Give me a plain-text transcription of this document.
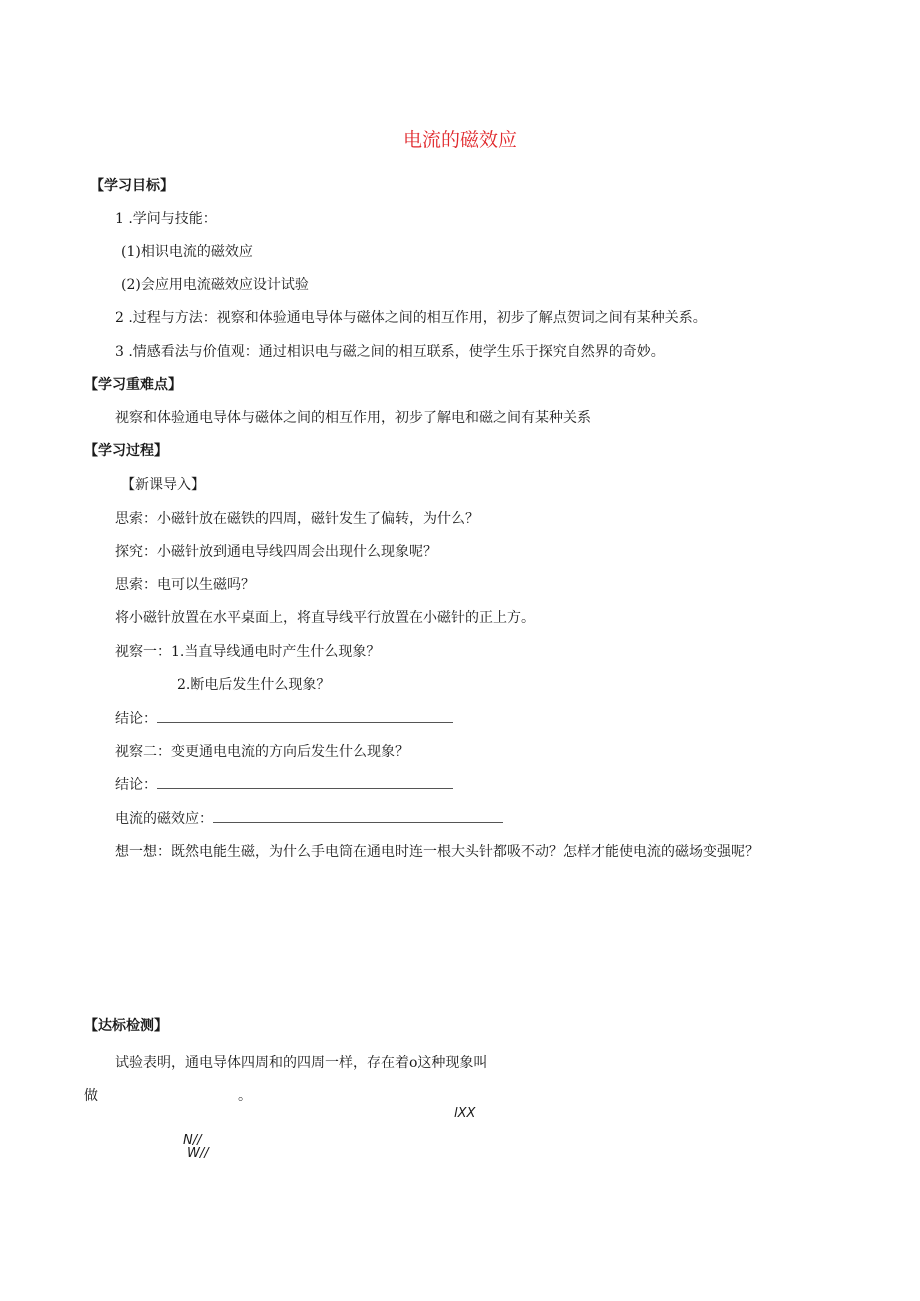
电流的磁效应
【学习目标】
1 .学问与技能：
(1)相识电流的磁效应
(2)会应用电流磁效应设计试验
2 .过程与方法：视察和体验通电导体与磁体之间的相互作用，初步了解点贺词之间有某种关系。
3 .情感看法与价值观：通过相识电与磁之间的相互联系，使学生乐于探究自然界的奇妙。
【学习重难点】
视察和体验通电导体与磁体之间的相互作用，初步了解电和磁之间有某种关系
【学习过程】
【新课导入】
思索：小磁针放在磁铁的四周，磁针发生了偏转，为什么？
探究：小磁针放到通电导线四周会出现什么现象呢？
思索：电可以生磁吗？
将小磁针放置在水平桌面上，将直导线平行放置在小磁针的正上方。
视察一：1.当直导线通电时产生什么现象？
2.断电后发生什么现象？
结论：
视察二：变更通电电流的方向后发生什么现象？
结论：
电流的磁效应：
想一想：既然电能生磁，为什么手电筒在通电时连一根大头针都吸不动？怎样才能使电流的磁场变强呢？
【达标检测】
试验表明，通电导体四周和的四周一样，存在着o这种现象叫
做	。
lXX
N//
W//
